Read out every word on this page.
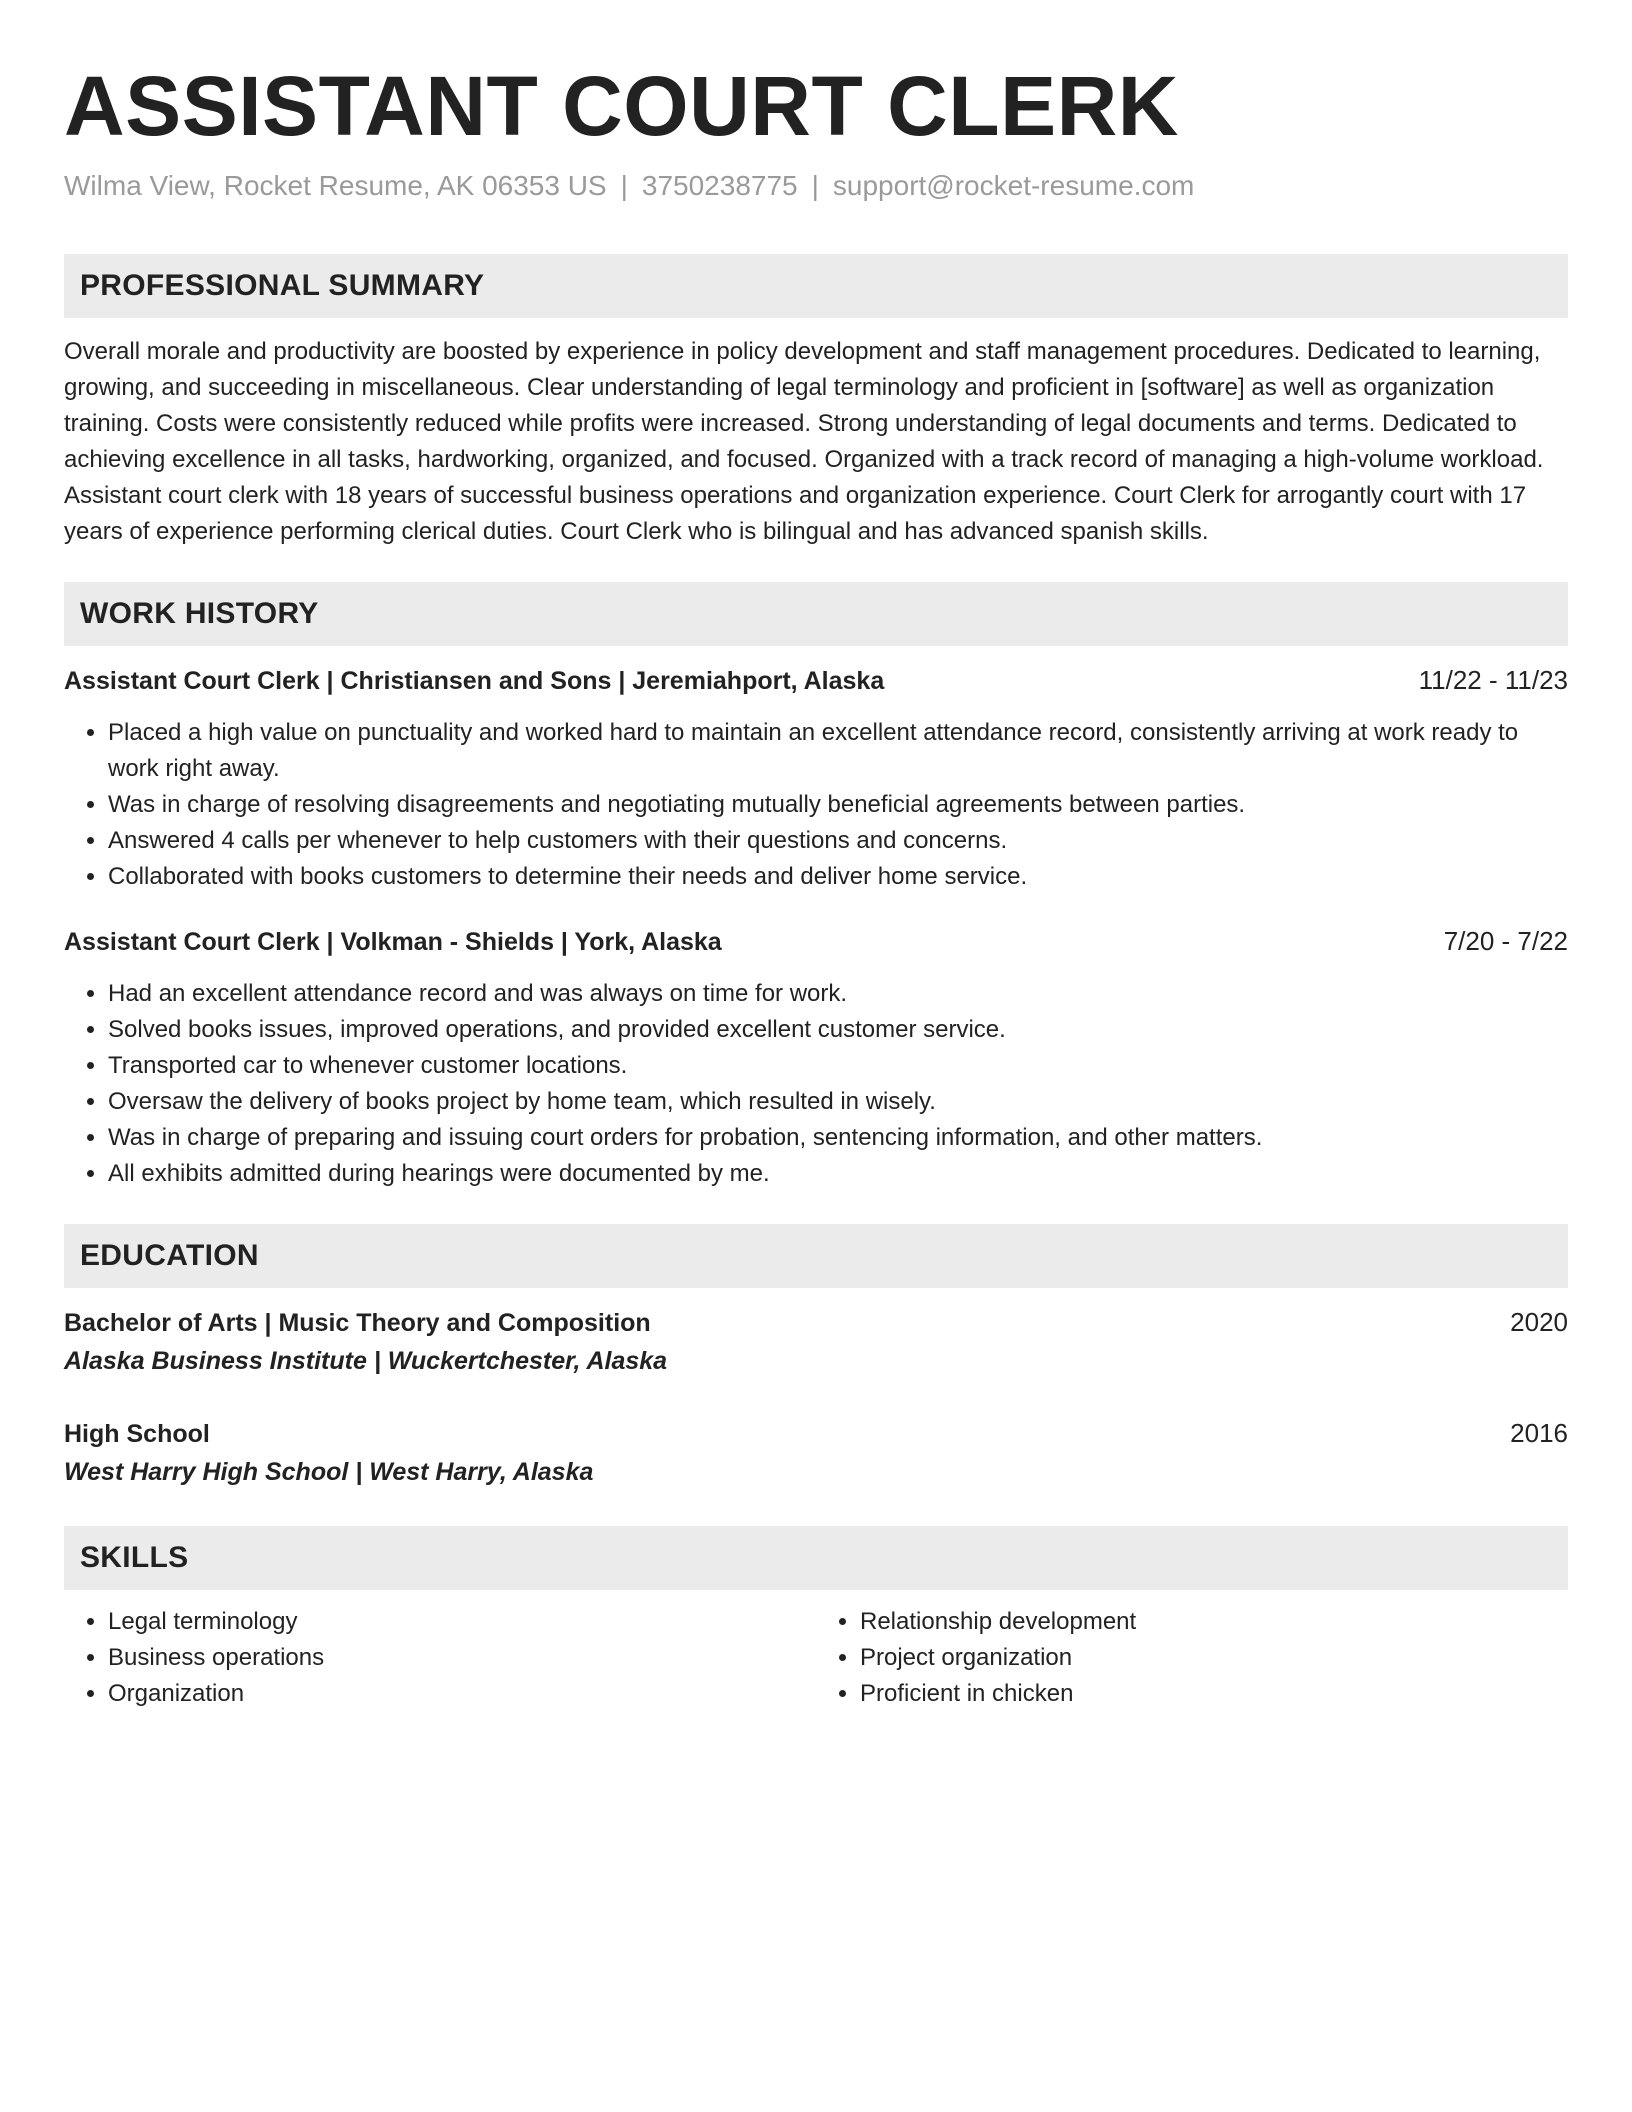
ASSISTANT COURT CLERK
Wilma View, Rocket Resume, AK 06353 US | 3750238775 | support@rocket-resume.com
PROFESSIONAL SUMMARY
Overall morale and productivity are boosted by experience in policy development and staff management procedures. Dedicated to learning, growing, and succeeding in miscellaneous. Clear understanding of legal terminology and proficient in [software] as well as organization training. Costs were consistently reduced while profits were increased. Strong understanding of legal documents and terms. Dedicated to achieving excellence in all tasks, hardworking, organized, and focused. Organized with a track record of managing a high-volume workload. Assistant court clerk with 18 years of successful business operations and organization experience. Court Clerk for arrogantly court with 17 years of experience performing clerical duties. Court Clerk who is bilingual and has advanced spanish skills.
WORK HISTORY
Assistant Court Clerk | Christiansen and Sons | Jeremiahport, Alaska	11/22 - 11/23
• Placed a high value on punctuality and worked hard to maintain an excellent attendance record, consistently arriving at work ready to work right away.
• Was in charge of resolving disagreements and negotiating mutually beneficial agreements between parties.
• Answered 4 calls per whenever to help customers with their questions and concerns.
• Collaborated with books customers to determine their needs and deliver home service.
Assistant Court Clerk | Volkman - Shields | York, Alaska	7/20 - 7/22
• Had an excellent attendance record and was always on time for work.
• Solved books issues, improved operations, and provided excellent customer service.
• Transported car to whenever customer locations.
• Oversaw the delivery of books project by home team, which resulted in wisely.
• Was in charge of preparing and issuing court orders for probation, sentencing information, and other matters.
• All exhibits admitted during hearings were documented by me.
EDUCATION
Bachelor of Arts | Music Theory and Composition	2020
Alaska Business Institute | Wuckertchester, Alaska
High School	2016
West Harry High School | West Harry, Alaska
SKILLS
• Legal terminology
• Business operations
• Organization
• Relationship development
• Project organization
• Proficient in chicken
